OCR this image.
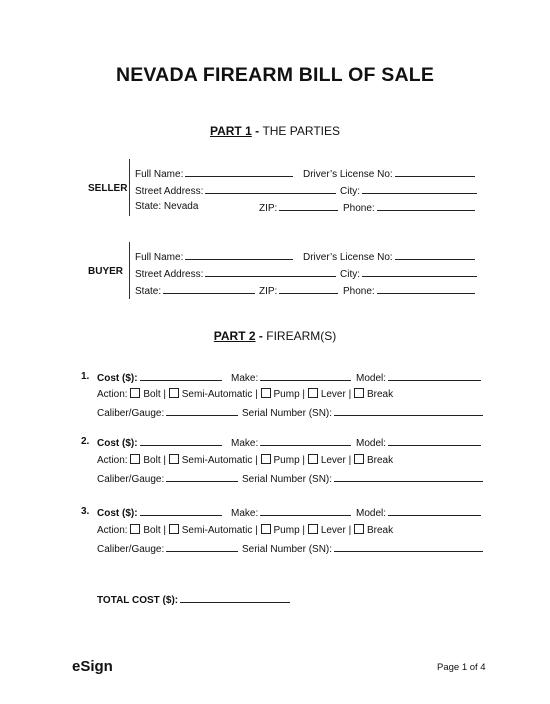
NEVADA FIREARM BILL OF SALE
PART 1 - THE PARTIES
SELLER
Full Name:	Driver’s License No:
Street Address:	City:
State: Nevada	ZIP:	Phone:
BUYER
Full Name:	Driver’s License No:
Street Address:	City:
State:	ZIP:	Phone:
PART 2 - FIREARM(S)
1. Cost ($):	Make:	Model:
Action: Bolt | Semi-Automatic | Pump | Lever | Break
Caliber/Gauge:	Serial Number (SN):
2. Cost ($):	Make:	Model:
Action: Bolt | Semi-Automatic | Pump | Lever | Break
Caliber/Gauge:	Serial Number (SN):
3. Cost ($):	Make:	Model:
Action: Bolt | Semi-Automatic | Pump | Lever | Break
Caliber/Gauge:	Serial Number (SN):
TOTAL COST ($):
eSign	Page 1 of 4
